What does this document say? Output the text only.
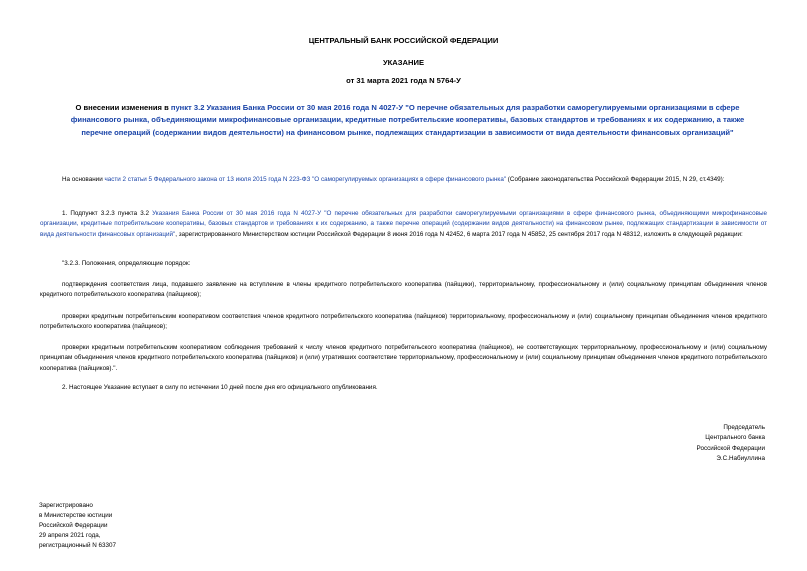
ЦЕНТРАЛЬНЫЙ БАНК РОССИЙСКОЙ ФЕДЕРАЦИИ

УКАЗАНИЕ

от 31 марта 2021 года N 5764-У

О внесении изменения в пункт 3.2 Указания Банка России от 30 мая 2016 года N 4027-У "О перечне обязательных для разработки саморегулируемыми организациями в сфере финансового рынка, объединяющими микрофинансовые организации, кредитные потребительские кооперативы, базовых стандартов и требованиях к их содержанию, а также перечне операций (содержании видов деятельности) на финансовом рынке, подлежащих стандартизации в зависимости от вида деятельности финансовых организаций"

На основании части 2 статьи 5 Федерального закона от 13 июля 2015 года N 223-ФЗ "О саморегулируемых организациях в сфере финансового рынка" (Собрание законодательства Российской Федерации 2015, N 29, ст.4349):

1. Подпункт 3.2.3 пункта 3.2 Указания Банка России от 30 мая 2016 года N 4027-У "О перечне обязательных для разработки саморегулируемыми организациями в сфере финансового рынка, объединяющими микрофинансовые организации, кредитные потребительские кооперативы, базовых стандартов и требованиях к их содержанию, а также перечне операций (содержании видов деятельности) на финансовом рынке, подлежащих стандартизации в зависимости от вида деятельности финансовых организаций", зарегистрированного Министерством юстиции Российской Федерации 8 июня 2016 года N 42452, 6 марта 2017 года N 45852, 25 сентября 2017 года N 48312, изложить в следующей редакции:

"3.2.3. Положения, определяющие порядок:

подтверждения соответствия лица, подавшего заявление на вступление в члены кредитного потребительского кооператива (пайщики), территориальному, профессиональному и (или) социальному принципам объединения членов кредитного потребительского кооператива (пайщиков);

проверки кредитным потребительским кооперативом соответствия членов кредитного потребительского кооператива (пайщиков) территориальному, профессиональному и (или) социальному принципам объединения членов кредитного потребительского кооператива (пайщиков);

проверки кредитным потребительским кооперативом соблюдения требований к числу членов кредитного потребительского кооператива (пайщиков), не соответствующих территориальному, профессиональному и (или) социальному принципам объединения членов кредитного потребительского кооператива (пайщиков) и (или) утративших соответствие территориальному, профессиональному и (или) социальному принципам объединения членов кредитного потребительского кооператива (пайщиков).".

2. Настоящее Указание вступает в силу по истечении 10 дней после дня его официального опубликования.

Председатель
Центрального банка
Российской Федерации
Э.С.Набиуллина
Зарегистрировано
в Министерстве юстиции
Российской Федерации
29 апреля 2021 года,
регистрационный N 63307
